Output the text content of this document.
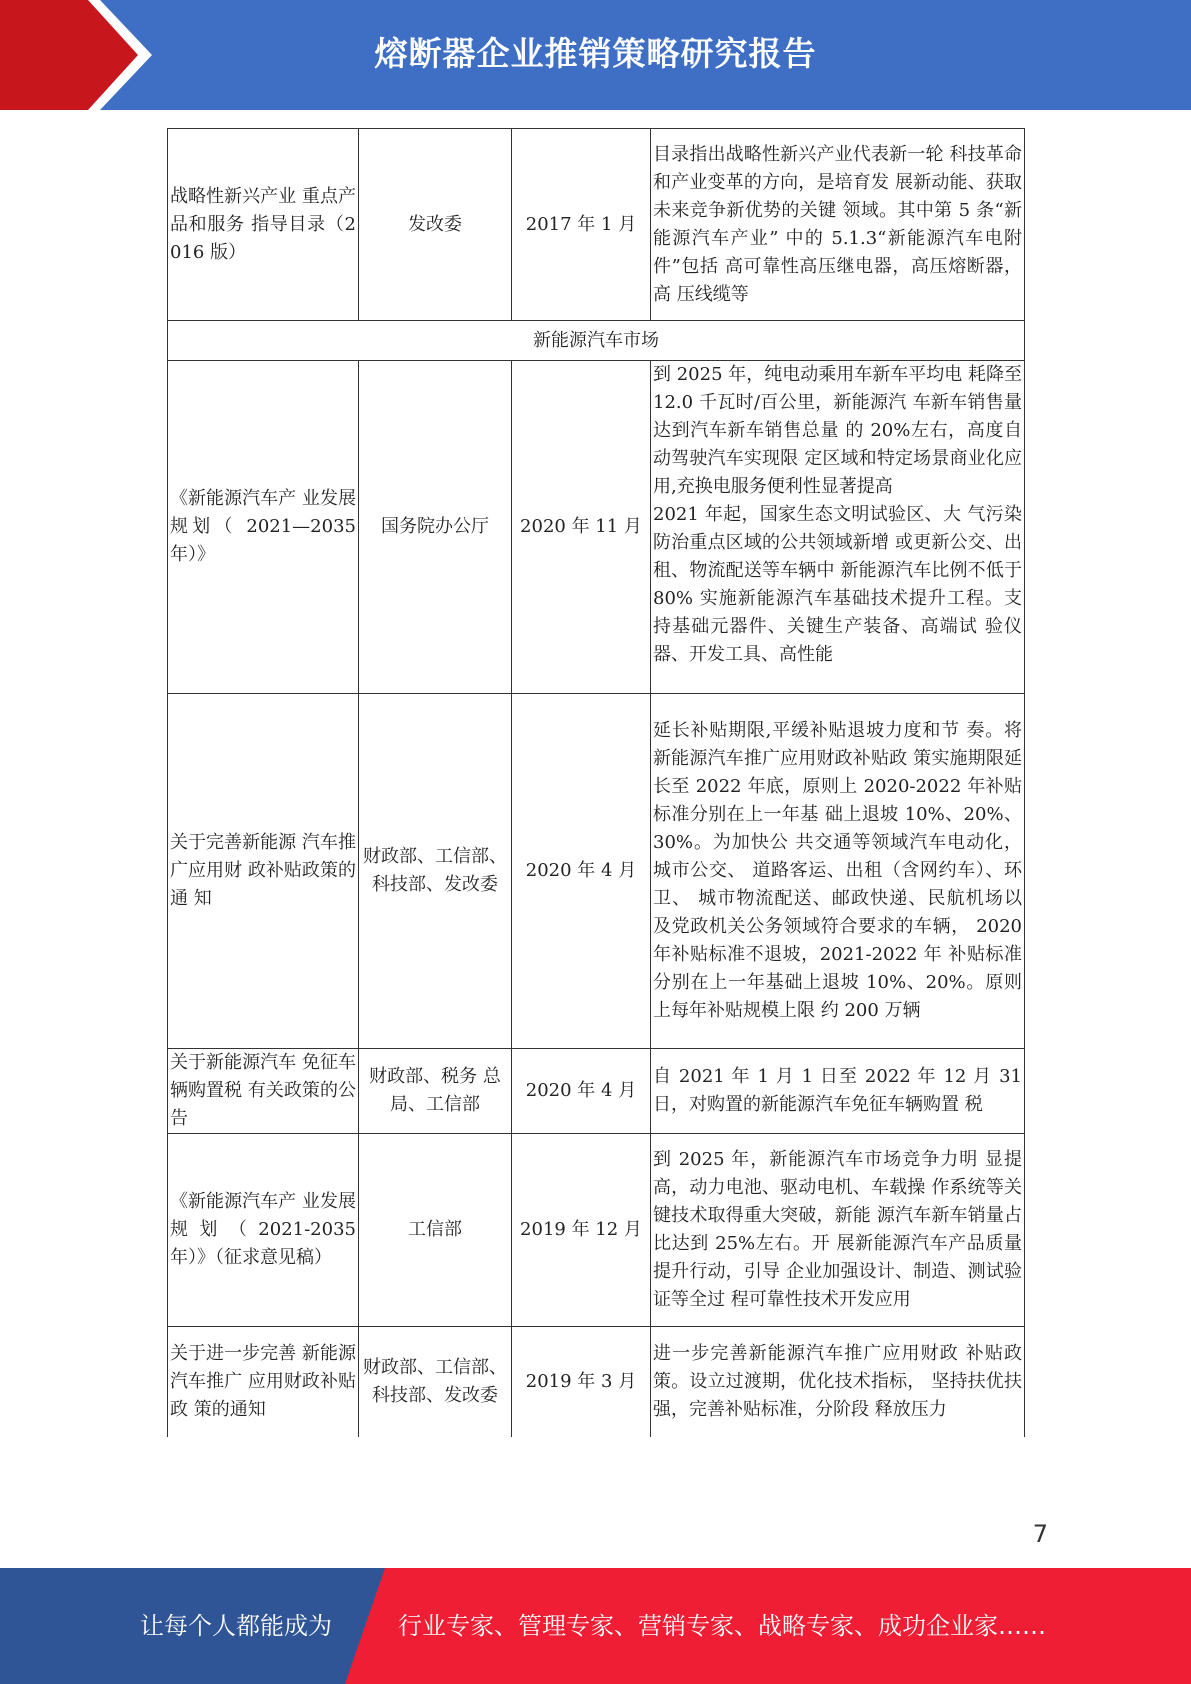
熔断器企业推销策略研究报告
战略性新兴产业 重点产品和服务 指导目录（2016 版）	发改委	2017 年 1 月	目录指出战略性新兴产业代表新一轮 科技革命和产业变革的方向，是培育发 展新动能、获取未来竞争新优势的关键 领域。其中第 5 条“新能源汽车产业” 中的 5.1.3“新能源汽车电附件”包括 高可靠性高压继电器，高压熔断器，高 压线缆等
新能源汽车市场			
《新能源汽车产 业发展规划（ 2021—2035 年）》	国务院办公厅	2020 年 11 月	到 2025 年，纯电动乘用车新车平均电 耗降至 12.0 千瓦时/百公里，新能源汽 车新车销售量达到汽车新车销售总量 的 20%左右，高度自动驾驶汽车实现限 定区域和特定场景商业化应用,充换电服务便利性显著提高
2021 年起，国家生态文明试验区、大 气污染防治重点区域的公共领域新增 或更新公交、出租、物流配送等车辆中 新能源汽车比例不低于 80% 实施新能源汽车基础技术提升工程。支 持基础元器件、关键生产装备、高端试 验仪器、开发工具、高性能

关于完善新能源 汽车推广应用财 政补贴政策的通 知	财政部、工信部、科技部、发改委	2020 年 4 月	延长补贴期限,平缓补贴退坡力度和节 奏。将新能源汽车推广应用财政补贴政 策实施期限延长至 2022 年底，原则上 2020-2022 年补贴标准分别在上一年基 础上退坡 10%、20%、30%。为加快公 共交通等领域汽车电动化，城市公交、 道路客运、出租（含网约车）、环卫、 城市物流配送、邮政快递、民航机场以 及党政机关公务领域符合要求的车辆， 2020 年补贴标准不退坡，2021-2022 年 补贴标准分别在上一年基础上退坡 10%、20%。原则上每年补贴规模上限 约 200 万辆
关于新能源汽车 免征车辆购置税 有关政策的公告	财政部、税务 总局、工信部	2020 年 4 月	自 2021 年 1 月 1 日至 2022 年 12 月 31 日，对购置的新能源汽车免征车辆购置 税
《新能源汽车产 业发展规划（2021-2035 年）》（征求意见稿）	工信部	2019 年 12 月	到 2025 年，新能源汽车市场竞争力明 显提高，动力电池、驱动电机、车载操 作系统等关键技术取得重大突破，新能 源汽车新车销量占比达到 25%左右。开 展新能源汽车产品质量提升行动，引导 企业加强设计、制造、测试验证等全过 程可靠性技术开发应用
关于进一步完善 新能源汽车推广 应用财政补贴政 策的通知	财政部、工信部、科技部、发改委	2019 年 3 月	进一步完善新能源汽车推广应用财政 补贴政策。设立过渡期，优化技术指标， 坚持扶优扶强，完善补贴标准，分阶段 释放压力
7
让每个人都能成为	行业专家、管理专家、营销专家、战略专家、成功企业家……
